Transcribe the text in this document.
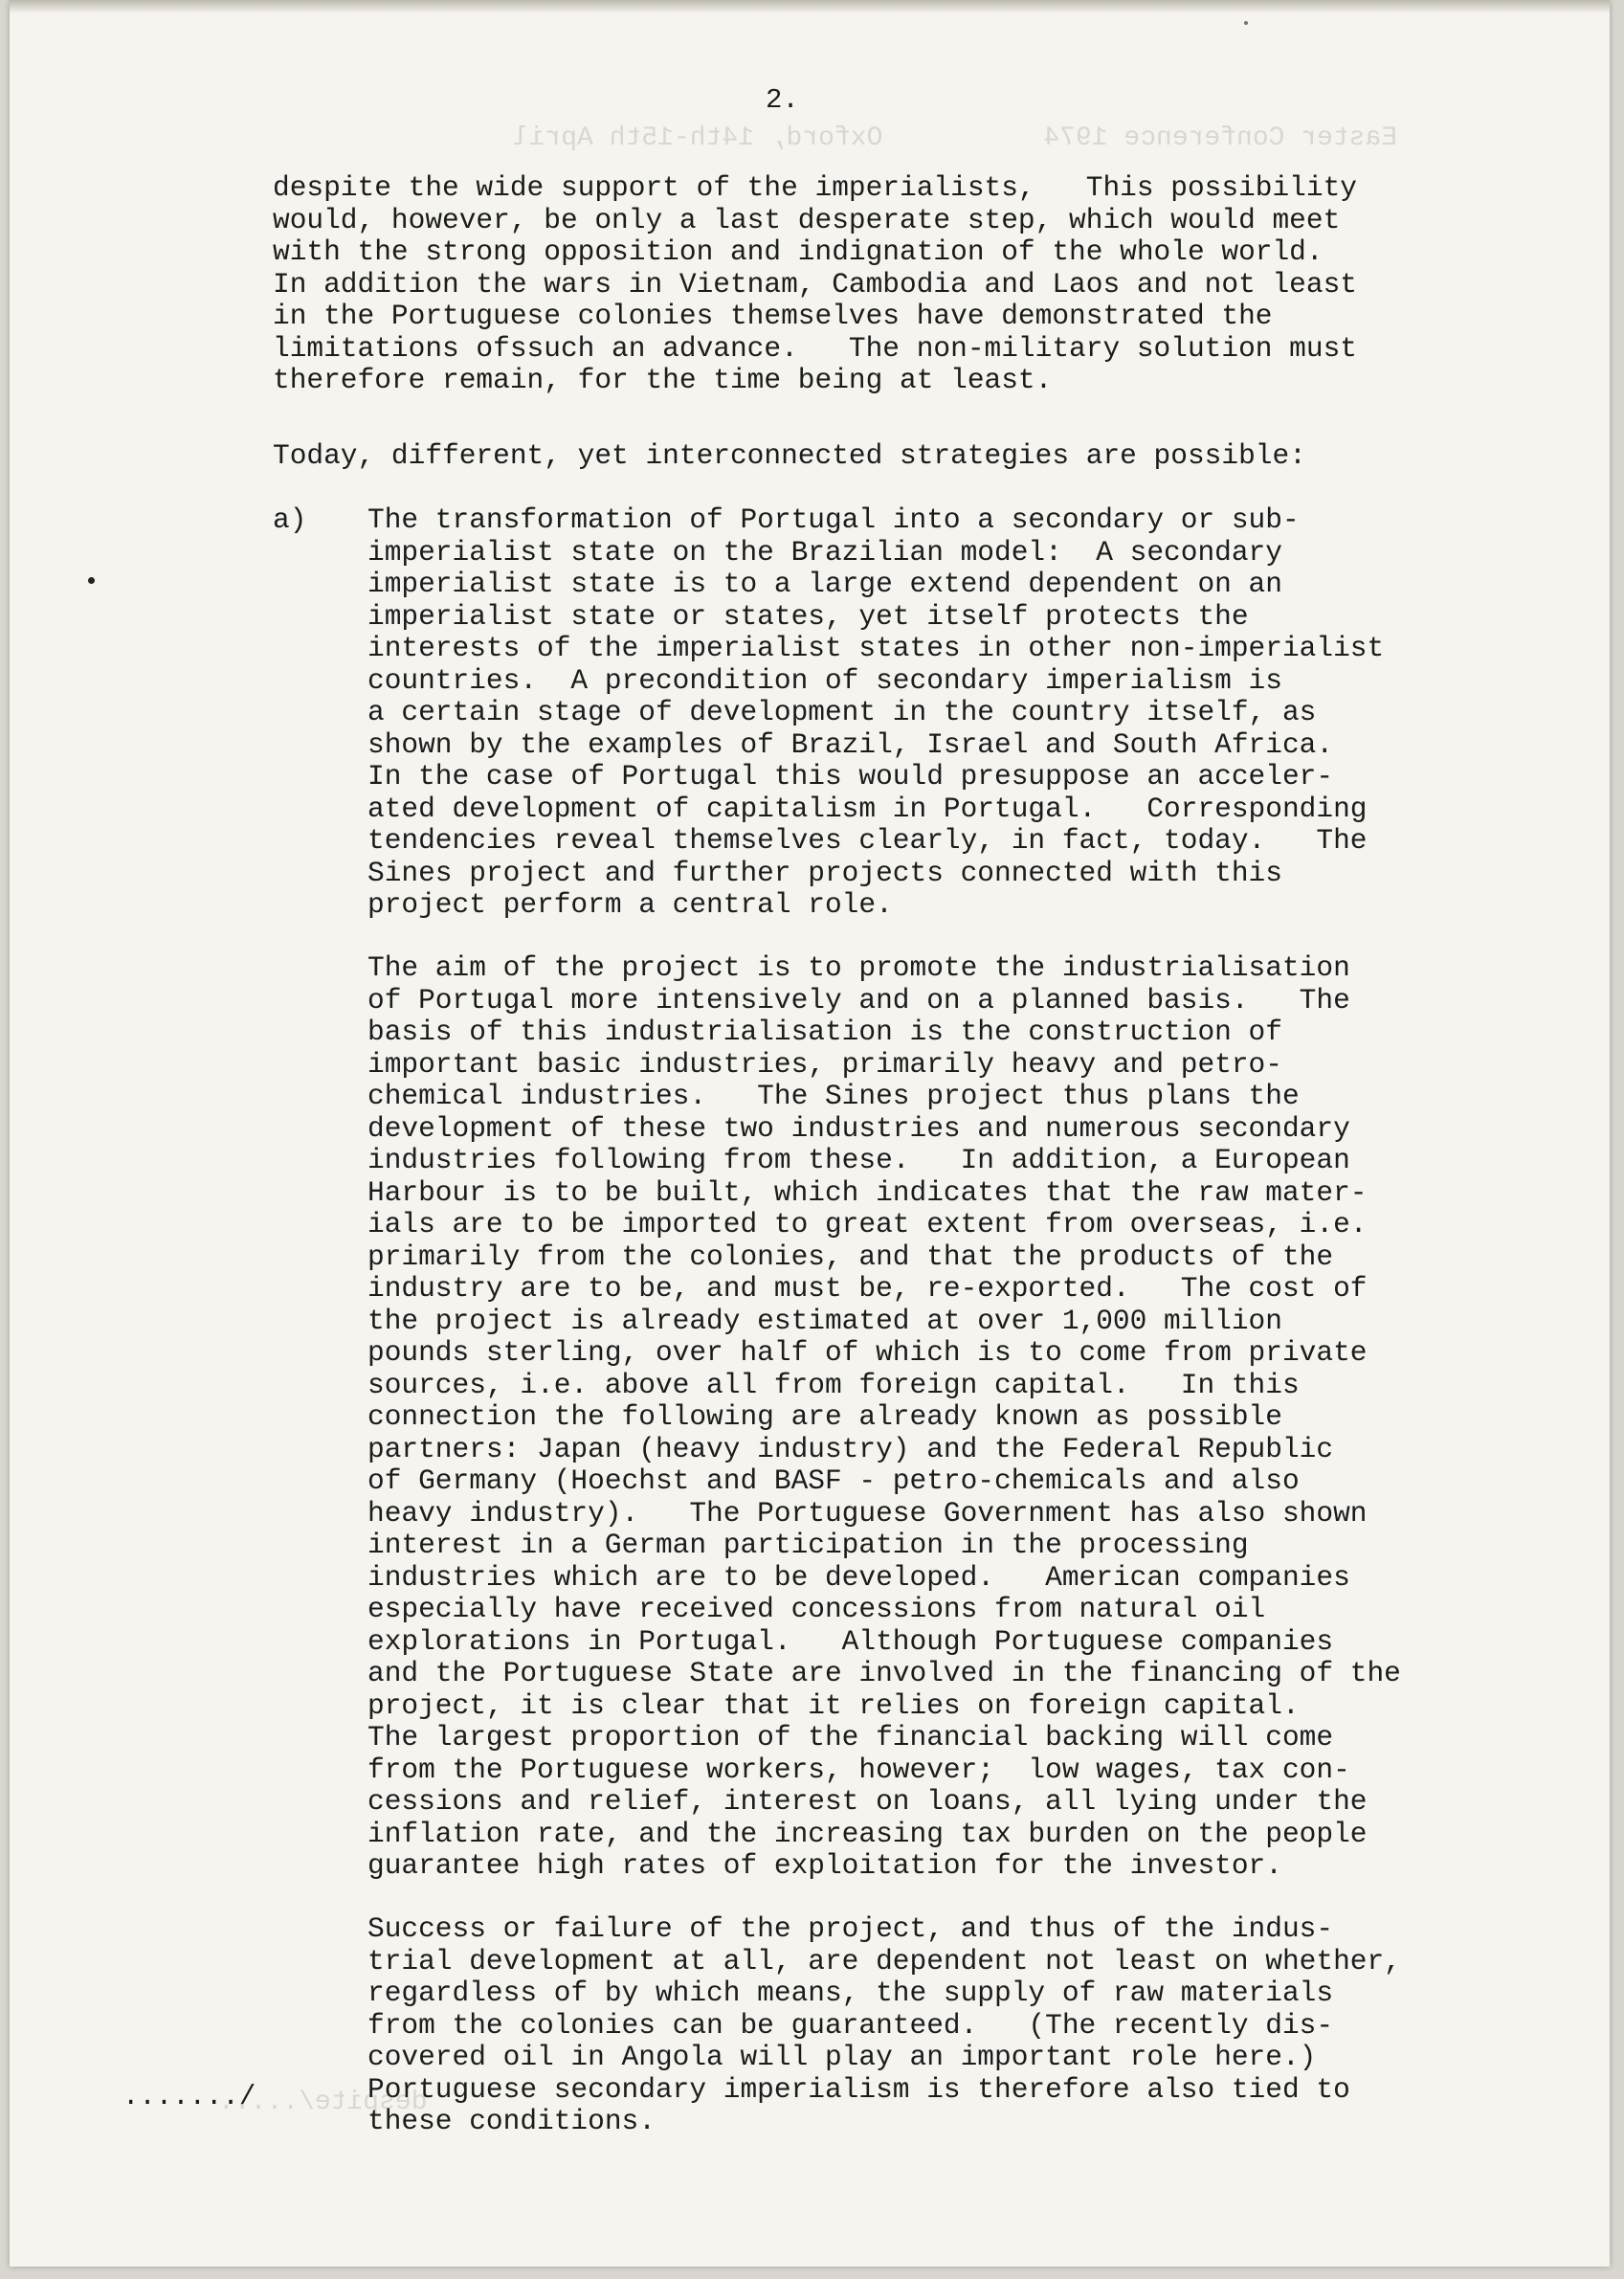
Easter Conference 1974          Oxford, 14th-15th April
despite/.....
2.
despite the wide support of the imperialists,   This possibility
would, however, be only a last desperate step, which would meet
with the strong opposition and indignation of the whole world.
In addition the wars in Vietnam, Cambodia and Laos and not least
in the Portuguese colonies themselves have demonstrated the
limitations ofssuch an advance.   The non-military solution must
therefore remain, for the time being at least.
Today, different, yet interconnected strategies are possible:
a) The transformation of Portugal into a secondary or sub-
imperialist state on the Brazilian model:  A secondary
imperialist state is to a large extend dependent on an
imperialist state or states, yet itself protects the
interests of the imperialist states in other non-imperialist
countries.  A precondition of secondary imperialism is
a certain stage of development in the country itself, as
shown by the examples of Brazil, Israel and South Africa.
In the case of Portugal this would presuppose an acceler-
ated development of capitalism in Portugal.   Corresponding
tendencies reveal themselves clearly, in fact, today.   The
Sines project and further projects connected with this
project perform a central role.
The aim of the project is to promote the industrialisation
of Portugal more intensively and on a planned basis.   The
basis of this industrialisation is the construction of
important basic industries, primarily heavy and petro-
chemical industries.   The Sines project thus plans the
development of these two industries and numerous secondary
industries following from these.   In addition, a European
Harbour is to be built, which indicates that the raw mater-
ials are to be imported to great extent from overseas, i.e.
primarily from the colonies, and that the products of the
industry are to be, and must be, re-exported.   The cost of
the project is already estimated at over 1,000 million
pounds sterling, over half of which is to come from private
sources, i.e. above all from foreign capital.   In this
connection the following are already known as possible
partners: Japan (heavy industry) and the Federal Republic
of Germany (Hoechst and BASF - petro-chemicals and also
heavy industry).   The Portuguese Government has also shown
interest in a German participation in the processing
industries which are to be developed.   American companies
especially have received concessions from natural oil
explorations in Portugal.   Although Portuguese companies
and the Portuguese State are involved in the financing of the
project, it is clear that it relies on foreign capital.
The largest proportion of the financial backing will come
from the Portuguese workers, however;  low wages, tax con-
cessions and relief, interest on loans, all lying under the
inflation rate, and the increasing tax burden on the people
guarantee high rates of exploitation for the investor.
Success or failure of the project, and thus of the indus-
trial development at all, are dependent not least on whether,
regardless of by which means, the supply of raw materials
from the colonies can be guaranteed.   (The recently dis-
covered oil in Angola will play an important role here.)
Portuguese secondary imperialism is therefore also tied to
these conditions.
......./
